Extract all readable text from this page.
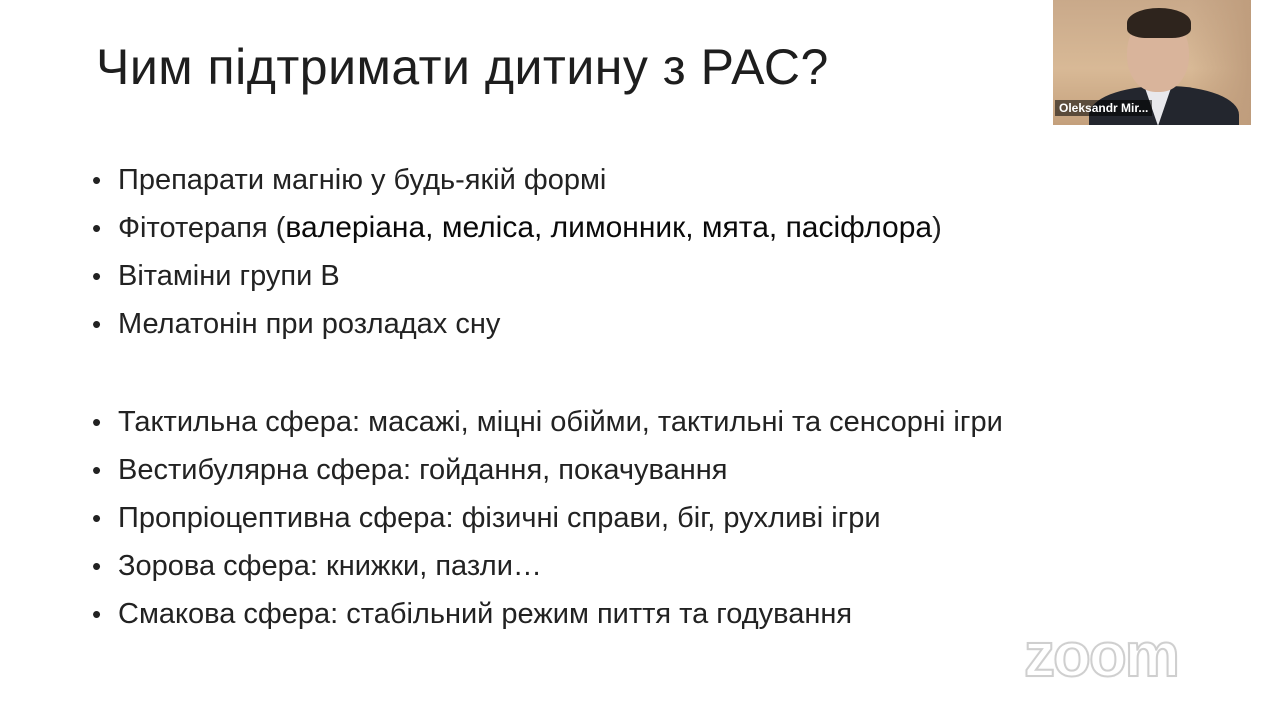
Чим підтримати дитину з РАС?
• Препарати магнію у будь-якій формі
• Фітотерапя ( валеріана, меліса, лимонник, мята, пасіфлора )
• Вітаміни групи В
• Мелатонін при розладах сну
• Тактильна сфера: масажі, міцні обійми, тактильні та сенсорні ігри
• Вестибулярна сфера: гойдання, покачування
• Пропріоцептивна сфера: фізичні справи, біг, рухливі ігри
• Зорова сфера: книжки, пазли…
• Смакова сфера: стабільний режим пиття та годування
Oleksandr Mir...
zoom
